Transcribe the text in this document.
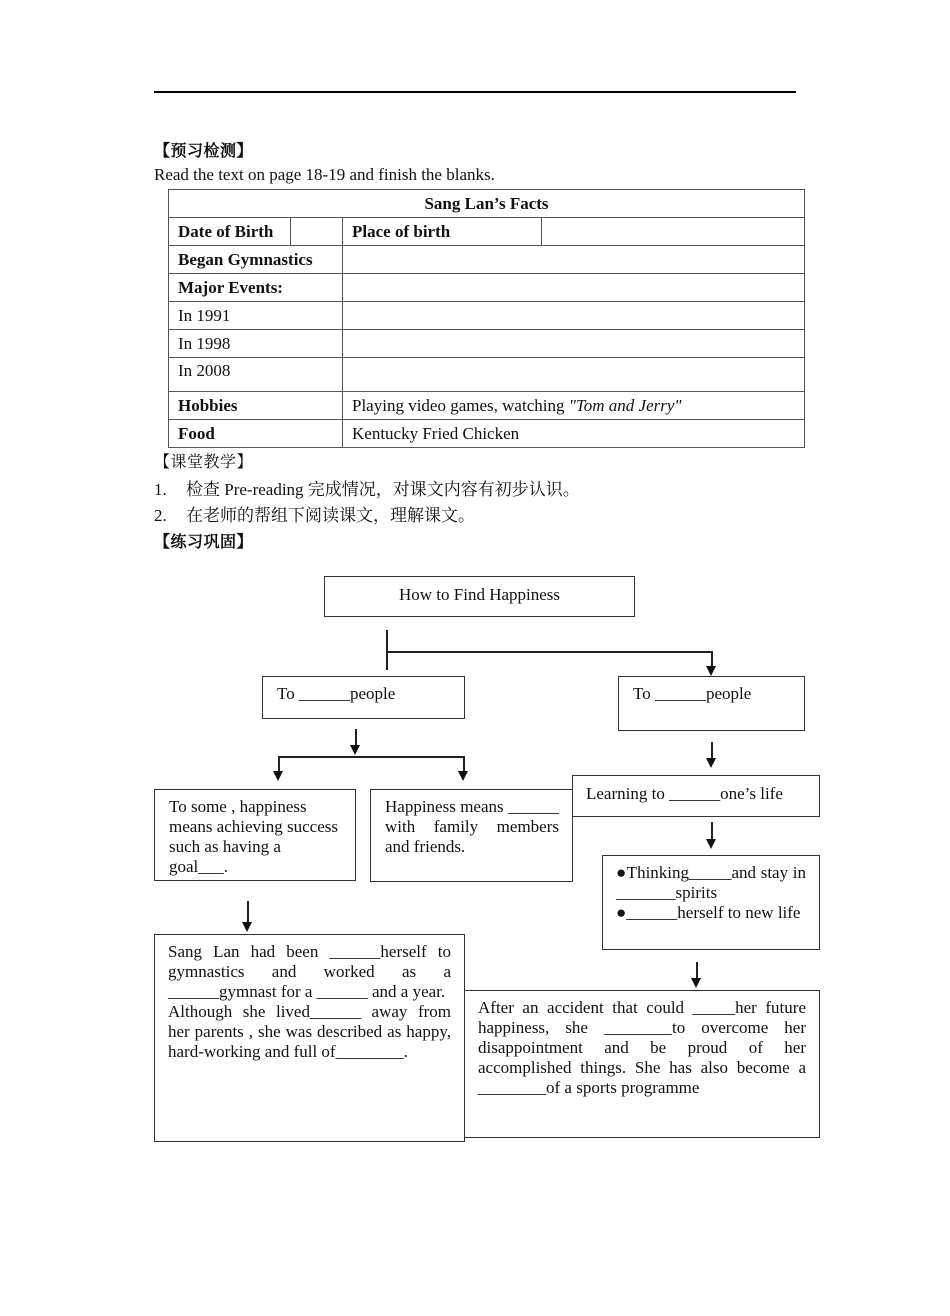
【预习检测】
Read the text on page 18-19 and finish the blanks.
Sang Lan’s Facts			
Date of Birth		Place of birth	
Began Gymnastics			
Major Events:			
In 1991			
In 1998			
In 2008			
Hobbies		Playing video games, watching "Tom and Jerry"	
Food		Kentucky Fried Chicken	
【课堂教学】
1. 检查 Pre-reading 完成情况，对课文内容有初步认识。
2. 在老师的帮组下阅读课文，理解课文。
【练习巩固】
How to Find Happiness
To ______people	To ______people
To some , happiness means achieving success such as having a goal___.
Happiness means ______
with family members and friends.
Learning to ______one’s life
●Thinking_____and stay in _______spirits
●______herself to new life
Sang Lan had been ______herself to gymnastics and worked as a ______gymnast for a ______ and a year.
Although she lived______ away from her parents , she was described as happy, hard-working and full of________.
After an accident that could _____her future happiness, she ________to overcome her disappointment and be proud of her accomplished things. She has also become a ________of a sports programme
